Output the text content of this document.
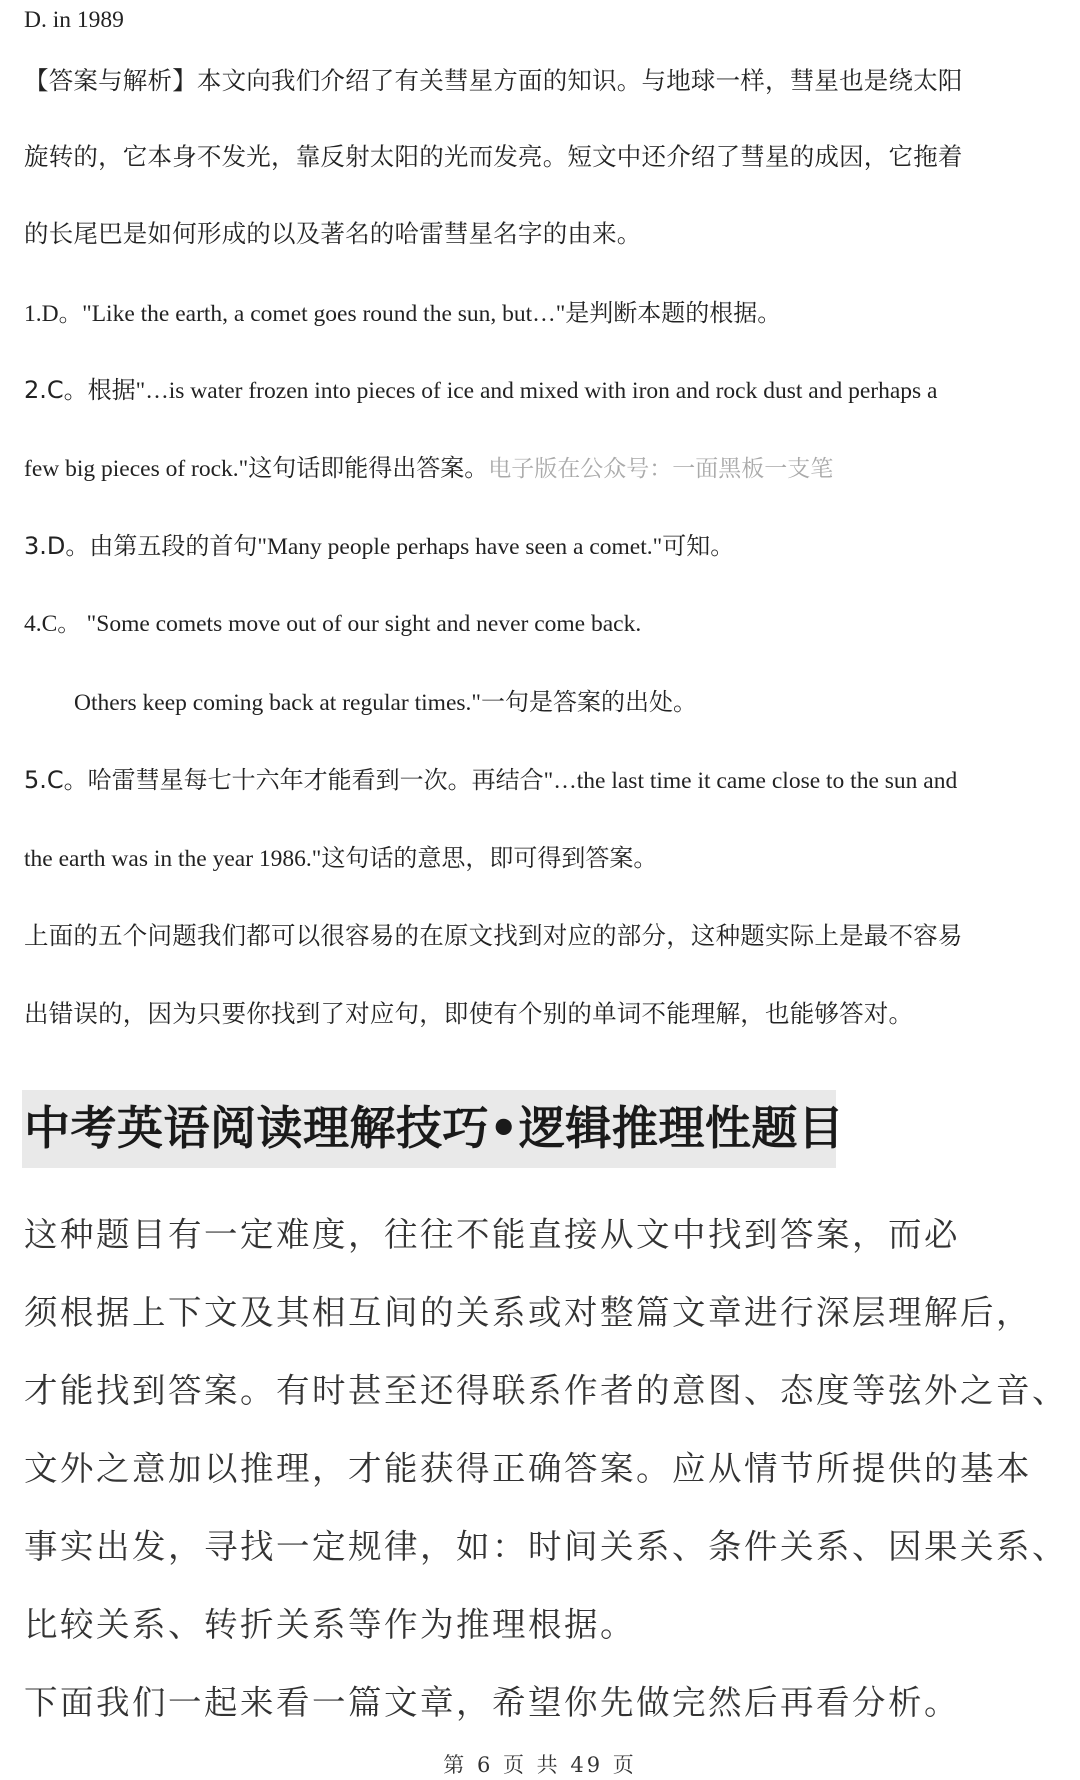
D. in 1989
【答案与解析】本文向我们介绍了有关彗星方面的知识。与地球一样，彗星也是绕太阳
旋转的，它本身不发光，靠反射太阳的光而发亮。短文中还介绍了彗星的成因，它拖着
的长尾巴是如何形成的以及著名的哈雷彗星名字的由来。
1.D。"Like the earth, a comet goes round the sun, but…"是判断本题的根据。
2.C。根据"…is water frozen into pieces of ice and mixed with iron and rock dust and perhaps a
few big pieces of rock."这句话即能得出答案。电子版在公众号：一面黑板一支笔
3.D。由第五段的首句"Many people perhaps have seen a comet."可知。
4.C。 "Some comets move out of our sight and never come back.
Others keep coming back at regular times."一句是答案的出处。
5.C。哈雷彗星每七十六年才能看到一次。再结合"…the last time it came close to the sun and
the earth was in the year 1986."这句话的意思，即可得到答案。
上面的五个问题我们都可以很容易的在原文找到对应的部分，这种题实际上是最不容易
出错误的，因为只要你找到了对应句，即使有个别的单词不能理解，也能够答对。
中考英语阅读理解技巧•逻辑推理性题目
这种题目有一定难度，往往不能直接从文中找到答案，而必
须根据上下文及其相互间的关系或对整篇文章进行深层理解后，
才能找到答案。有时甚至还得联系作者的意图、态度等弦外之音、
文外之意加以推理，才能获得正确答案。应从情节所提供的基本
事实出发，寻找一定规律，如：时间关系、条件关系、因果关系、
比较关系、转折关系等作为推理根据。
下面我们一起来看一篇文章，希望你先做完然后再看分析。
第 6 页 共 49 页
